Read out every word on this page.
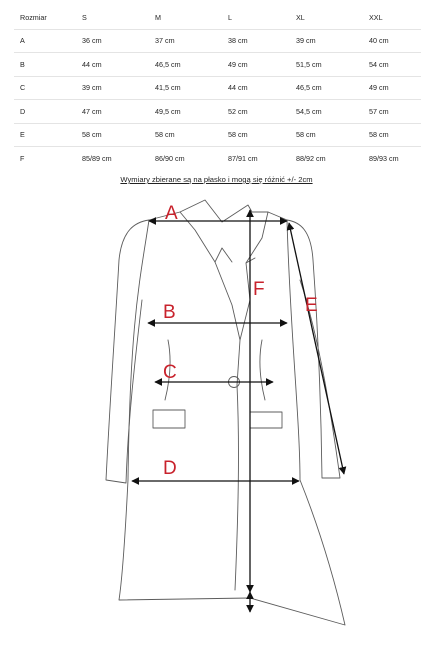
Rozmiar	S	M	L	XL	XXL
A	36 cm	37 cm	38 cm	39 cm	40 cm
B	44 cm	46,5 cm	49 cm	51,5 cm	54 cm
C	39 cm	41,5 cm	44 cm	46,5 cm	49 cm
D	47 cm	49,5 cm	52 cm	54,5 cm	57 cm
E	58 cm	58 cm	58 cm	58 cm	58 cm
F	85/89 cm	86/90 cm	87/91 cm	88/92 cm	89/93 cm
Wymiary zbierane są na płasko i mogą się różnić +/- 2cm
A
B
C
D
E
F
